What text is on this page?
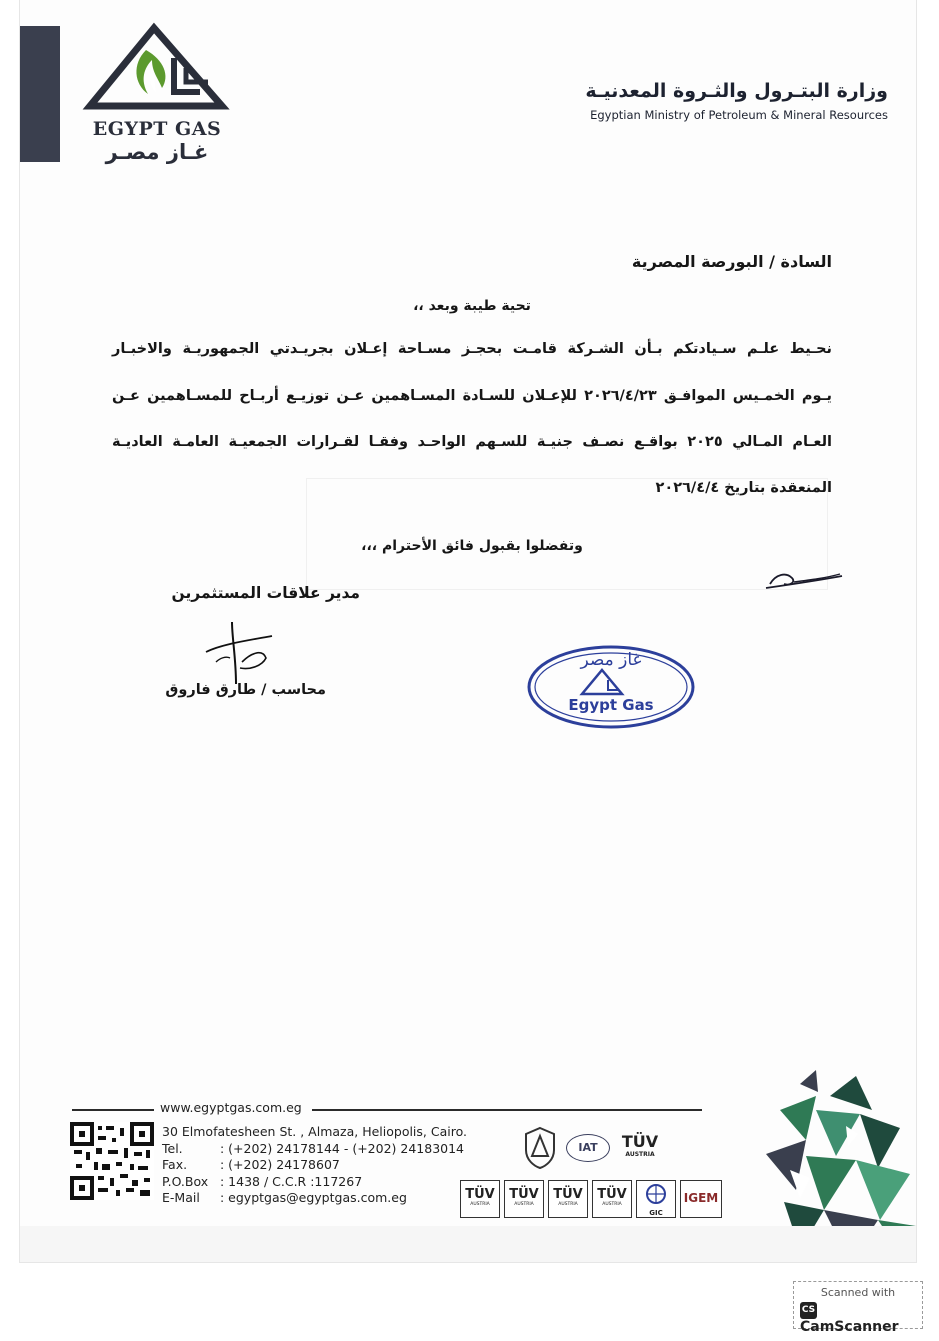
EGYPT GAS
غـاز مصـر
وزارة البتـرول والثـروة المعدنيـة
Egyptian Ministry of Petroleum & Mineral Resources
السادة / البورصة المصرية
تحية طيبة وبعد ،،
نحـيط علـم سـيادتكم بـأن الشـركة قامـت بحجـز مسـاحة إعـلان بجريـدتي الجمهوريـة والاخبـار
يـوم الخمـيس الموافـق ٢٠٢٦/٤/٢٣ للإعـلان للسـادة المسـاهمين عـن توزيـع أربـاح للمسـاهمين عـن
العـام المـالي ٢٠٢٥ بواقـع نصـف جنيـة للسـهم الواحـد وفقـا لقـرارات الجمعيـة العامـة العاديـة
المنعقدة بتاريخ ٢٠٢٦/٤/٤
وتفضلوا بقبول فائق الأحترام ،،،
مدير علاقات المستثمرين
محاسب / طارق فاروق
غاز مصر
Egypt Gas
www.egyptgas.com.eg
30 Elmofatesheen St. , Almaza, Heliopolis, Cairo.
Tel.	: (+202) 24178144 - (+202) 24183014
Fax.	: (+202) 24178607
P.O.Box : 1438 / C.C.R :117267
E-Mail	: egyptgas@egyptgas.com.eg
IAT	TÜV
AUSTRIA
TÜV
AUSTRIA
TÜV
AUSTRIA
TÜV
AUSTRIA
TÜV
AUSTRIA
GIC
IGEM
Scanned with
CSCamScanner
